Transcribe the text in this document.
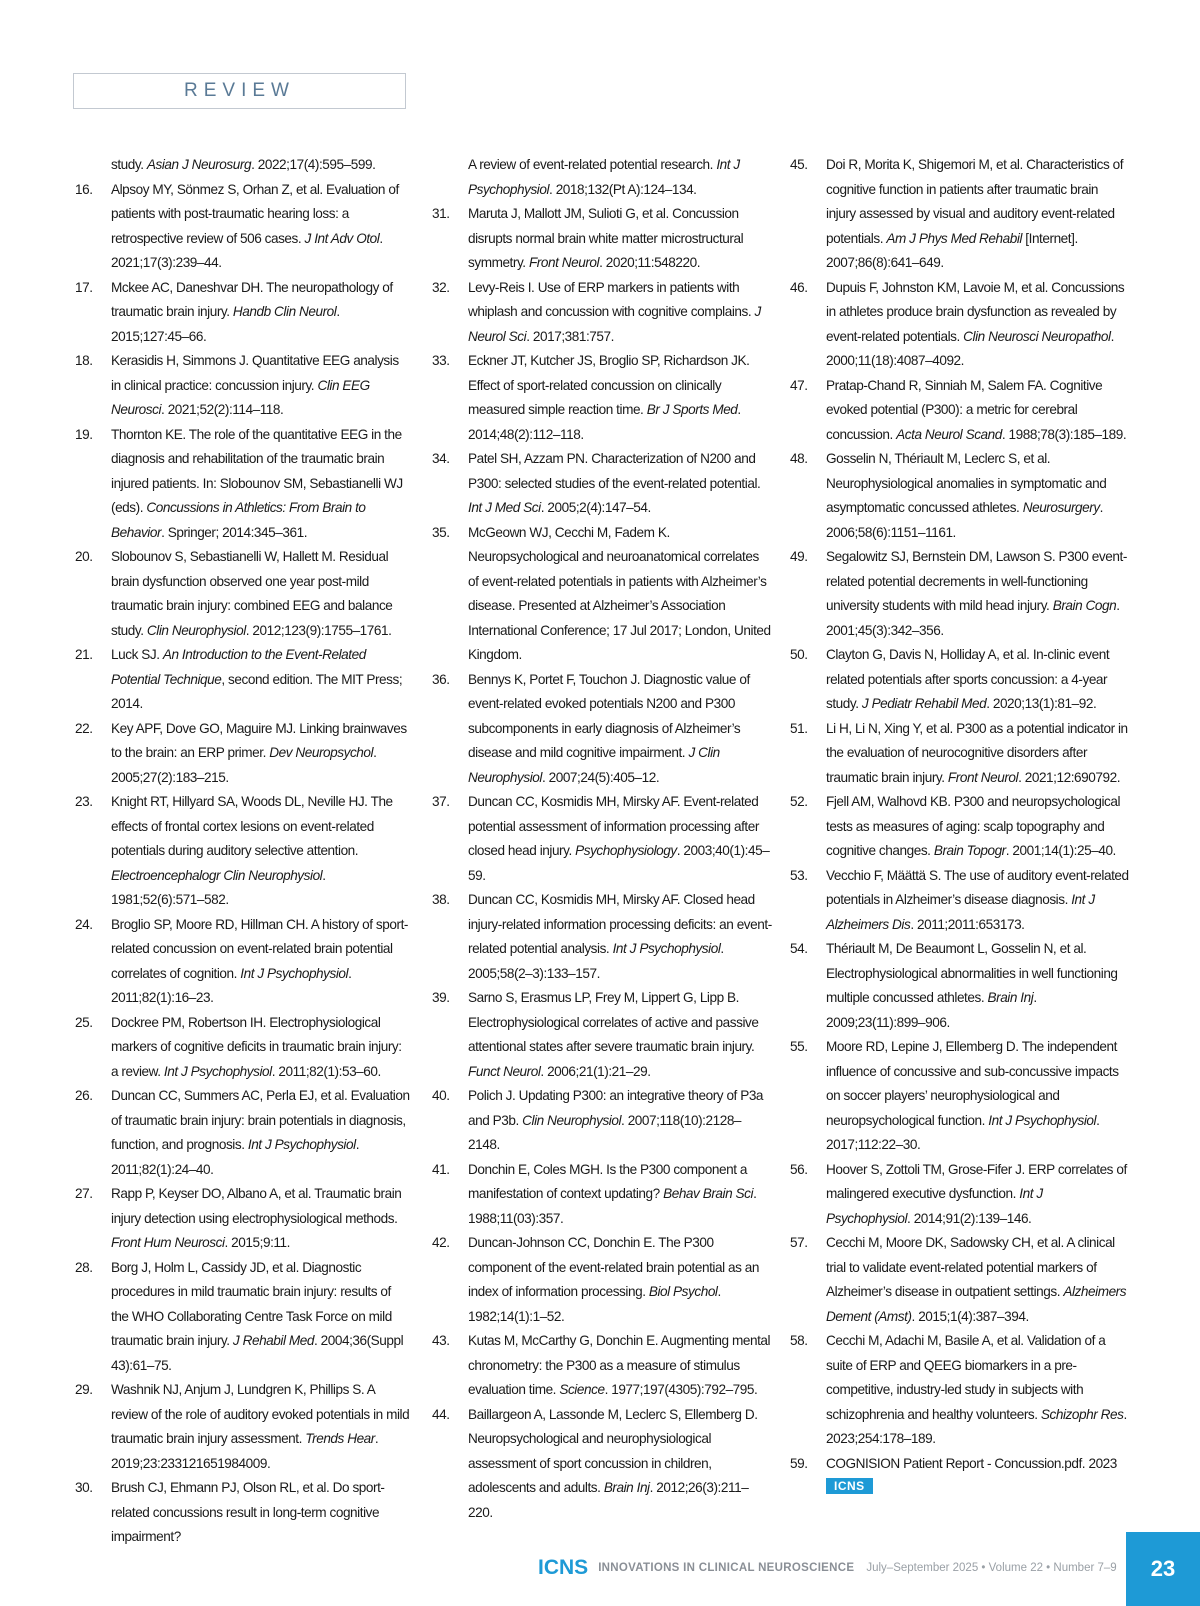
REVIEW
study. Asian J Neurosurg. 2022;17(4):595–599.
16.	Alpsoy MY, Sönmez S, Orhan Z, et al. Evaluation of patients with post-traumatic hearing loss: a retrospective review of 506 cases. J Int Adv Otol. 2021;17(3):239–44.
17.	Mckee AC, Daneshvar DH. The neuropathology of traumatic brain injury. Handb Clin Neurol. 2015;127:45–66.
18.	Kerasidis H, Simmons J. Quantitative EEG analysis in clinical practice: concussion injury. Clin EEG Neurosci. 2021;52(2):114–118.
19.	Thornton KE. The role of the quantitative EEG in the diagnosis and rehabilitation of the traumatic brain injured patients. In: Slobounov SM, Sebastianelli WJ (eds). Concussions in Athletics: From Brain to Behavior. Springer; 2014:345–361.
20.	Slobounov S, Sebastianelli W, Hallett M. Residual brain dysfunction observed one year post-mild traumatic brain injury: combined EEG and balance study. Clin Neurophysiol. 2012;123(9):1755–1761.
21.	Luck SJ. An Introduction to the Event-Related Potential Technique, second edition. The MIT Press; 2014.
22.	Key APF, Dove GO, Maguire MJ. Linking brainwaves to the brain: an ERP primer. Dev Neuropsychol. 2005;27(2):183–215.
23.	Knight RT, Hillyard SA, Woods DL, Neville HJ. The effects of frontal cortex lesions on event-related potentials during auditory selective attention. Electroencephalogr Clin Neurophysiol. 1981;52(6):571–582.
24.	Broglio SP, Moore RD, Hillman CH. A history of sport-related concussion on event-related brain potential correlates of cognition. Int J Psychophysiol. 2011;82(1):16–23.
25.	Dockree PM, Robertson IH. Electrophysiological markers of cognitive deficits in traumatic brain injury: a review. Int J Psychophysiol. 2011;82(1):53–60.
26.	Duncan CC, Summers AC, Perla EJ, et al. Evaluation of traumatic brain injury: brain potentials in diagnosis, function, and prognosis. Int J Psychophysiol. 2011;82(1):24–40.
27.	Rapp P, Keyser DO, Albano A, et al. Traumatic brain injury detection using electrophysiological methods. Front Hum Neurosci. 2015;9:11.
28.	Borg J, Holm L, Cassidy JD, et al. Diagnostic procedures in mild traumatic brain injury: results of the WHO Collaborating Centre Task Force on mild traumatic brain injury. J Rehabil Med. 2004;36(Suppl 43):61–75.
29.	Washnik NJ, Anjum J, Lundgren K, Phillips S. A review of the role of auditory evoked potentials in mild traumatic brain injury assessment. Trends Hear. 2019;23:233121651984009.
30.	Brush CJ, Ehmann PJ, Olson RL, et al. Do sport-related concussions result in long-term cognitive impairment?
A review of event-related potential research. Int J Psychophysiol. 2018;132(Pt A):124–134.
31.	Maruta J, Mallott JM, Sulioti G, et al. Concussion disrupts normal brain white matter microstructural symmetry. Front Neurol. 2020;11:548220.
32.	Levy-Reis I. Use of ERP markers in patients with whiplash and concussion with cognitive complains. J Neurol Sci. 2017;381:757.
33.	Eckner JT, Kutcher JS, Broglio SP, Richardson JK. Effect of sport-related concussion on clinically measured simple reaction time. Br J Sports Med. 2014;48(2):112–118.
34.	Patel SH, Azzam PN. Characterization of N200 and P300: selected studies of the event-related potential. Int J Med Sci. 2005;2(4):147–54.
35.	McGeown WJ, Cecchi M, Fadem K. Neuropsychological and neuroanatomical correlates of event-related potentials in patients with Alzheimer’s disease. Presented at Alzheimer’s Association International Conference; 17 Jul 2017; London, United Kingdom.
36.	Bennys K, Portet F, Touchon J. Diagnostic value of event-related evoked potentials N200 and P300 subcomponents in early diagnosis of Alzheimer’s disease and mild cognitive impairment. J Clin Neurophysiol. 2007;24(5):405–12.
37.	Duncan CC, Kosmidis MH, Mirsky AF. Event-related potential assessment of information processing after closed head injury. Psychophysiology. 2003;40(1):45–59.
38.	Duncan CC, Kosmidis MH, Mirsky AF. Closed head injury-related information processing deficits: an event-related potential analysis. Int J Psychophysiol. 2005;58(2–3):133–157.
39.	Sarno S, Erasmus LP, Frey M, Lippert G, Lipp B. Electrophysiological correlates of active and passive attentional states after severe traumatic brain injury. Funct Neurol. 2006;21(1):21–29.
40.	Polich J. Updating P300: an integrative theory of P3a and P3b. Clin Neurophysiol. 2007;118(10):2128–2148.
41.	Donchin E, Coles MGH. Is the P300 component a manifestation of context updating? Behav Brain Sci. 1988;11(03):357.
42.	Duncan-Johnson CC, Donchin E. The P300 component of the event-related brain potential as an index of information processing. Biol Psychol. 1982;14(1):1–52.
43.	Kutas M, McCarthy G, Donchin E. Augmenting mental chronometry: the P300 as a measure of stimulus evaluation time. Science. 1977;197(4305):792–795.
44.	Baillargeon A, Lassonde M, Leclerc S, Ellemberg D. Neuropsychological and neurophysiological assessment of sport concussion in children, adolescents and adults. Brain Inj. 2012;26(3):211–220.
45.	Doi R, Morita K, Shigemori M, et al. Characteristics of cognitive function in patients after traumatic brain injury assessed by visual and auditory event-related potentials. Am J Phys Med Rehabil [Internet]. 2007;86(8):641–649.
46.	Dupuis F, Johnston KM, Lavoie M, et al. Concussions in athletes produce brain dysfunction as revealed by event-related potentials. Clin Neurosci Neuropathol. 2000;11(18):4087–4092.
47.	Pratap-Chand R, Sinniah M, Salem FA. Cognitive evoked potential (P300): a metric for cerebral concussion. Acta Neurol Scand. 1988;78(3):185–189.
48.	Gosselin N, Thériault M, Leclerc S, et al. Neurophysiological anomalies in symptomatic and asymptomatic concussed athletes. Neurosurgery. 2006;58(6):1151–1161.
49.	Segalowitz SJ, Bernstein DM, Lawson S. P300 event-related potential decrements in well-functioning university students with mild head injury. Brain Cogn. 2001;45(3):342–356.
50.	Clayton G, Davis N, Holliday A, et al. In-clinic event related potentials after sports concussion: a 4-year study. J Pediatr Rehabil Med. 2020;13(1):81–92.
51.	Li H, Li N, Xing Y, et al. P300 as a potential indicator in the evaluation of neurocognitive disorders after traumatic brain injury. Front Neurol. 2021;12:690792.
52.	Fjell AM, Walhovd KB. P300 and neuropsychological tests as measures of aging: scalp topography and cognitive changes. Brain Topogr. 2001;14(1):25–40.
53.	Vecchio F, Määttä S. The use of auditory event-related potentials in Alzheimer’s disease diagnosis. Int J Alzheimers Dis. 2011;2011:653173.
54.	Thériault M, De Beaumont L, Gosselin N, et al. Electrophysiological abnormalities in well functioning multiple concussed athletes. Brain Inj. 2009;23(11):899–906.
55.	Moore RD, Lepine J, Ellemberg D. The independent influence of concussive and sub-concussive impacts on soccer players’ neurophysiological and neuropsychological function. Int J Psychophysiol. 2017;112:22–30.
56.	Hoover S, Zottoli TM, Grose-Fifer J. ERP correlates of malingered executive dysfunction. Int J Psychophysiol. 2014;91(2):139–146.
57.	Cecchi M, Moore DK, Sadowsky CH, et al. A clinical trial to validate event-related potential markers of Alzheimer’s disease in outpatient settings. Alzheimers Dement (Amst). 2015;1(4):387–394.
58.	Cecchi M, Adachi M, Basile A, et al. Validation of a suite of ERP and QEEG biomarkers in a pre-competitive, industry-led study in subjects with schizophrenia and healthy volunteers. Schizophr Res. 2023;254:178–189.
59.	COGNISION Patient Report - Concussion.pdf. 2023
ICNS
ICNS INNOVATIONS IN CLINICAL NEUROSCIENCE July–September 2025 • Volume 22 • Number 7–9 23
